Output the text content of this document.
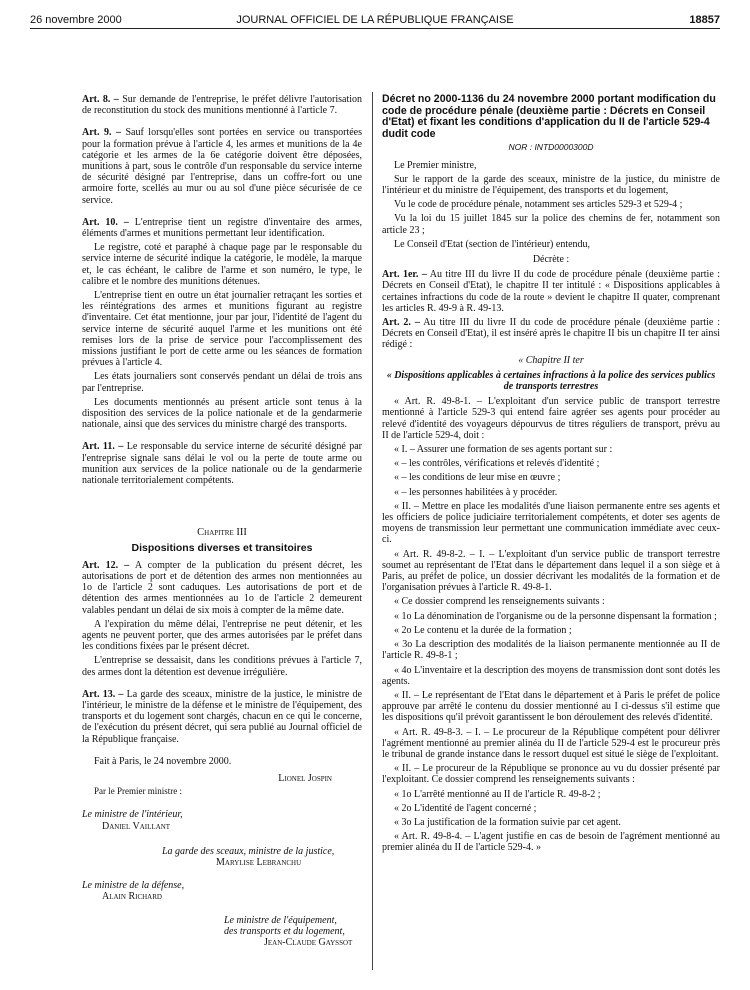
26 novembre 2000	JOURNAL OFFICIEL DE LA RÉPUBLIQUE FRANÇAISE	18857

Art. 8. – Sur demande de l'entreprise, le préfet délivre l'autorisation de reconstitution du stock des munitions mentionné à l'article 7.

Art. 9. – Sauf lorsqu'elles sont portées en service ou transportées pour la formation prévue à l'article 4, les armes et munitions de la 4e catégorie et les armes de la 6e catégorie doivent être déposées, munitions à part, sous le contrôle d'un responsable du service interne de sécurité désigné par l'entreprise, dans un coffre-fort ou une armoire forte, scellés au mur ou au sol d'une pièce sécurisée de ce service.

Art. 10. – L'entreprise tient un registre d'inventaire des armes, éléments d'armes et munitions permettant leur identification.

Le registre, coté et paraphé à chaque page par le responsable du service interne de sécurité indique la catégorie, le modèle, la marque et, le cas échéant, le calibre de l'arme et son numéro, le type, le calibre et le nombre des munitions détenues.

L'entreprise tient en outre un état journalier retraçant les sorties et les réintégrations des armes et munitions figurant au registre d'inventaire. Cet état mentionne, jour par jour, l'identité de l'agent du service interne de sécurité auquel l'arme et les munitions ont été remises lors de la prise de service pour l'accomplissement des missions justifiant le port de cette arme ou les séances de formation prévues à l'article 4.

Les états journaliers sont conservés pendant un délai de trois ans par l'entreprise.

Les documents mentionnés au présent article sont tenus à la disposition des services de la police nationale et de la gendarmerie nationale, ainsi que des services du ministre chargé des transports.

Art. 11. – Le responsable du service interne de sécurité désigné par l'entreprise signale sans délai le vol ou la perte de toute arme ou munition aux services de la police nationale ou de la gendarmerie nationale territorialement compétents.

Chapitre III
Dispositions diverses et transitoires

Art. 12. – A compter de la publication du présent décret, les autorisations de port et de détention des armes non mentionnées au 1o de l'article 2 sont caduques. Les autorisations de port et de détention des armes mentionnées au 1o de l'article 2 demeurent valables pendant un délai de six mois à compter de la même date.

A l'expiration du même délai, l'entreprise ne peut détenir, et les agents ne peuvent porter, que des armes autorisées par le préfet dans les conditions fixées par le présent décret.

L'entreprise se dessaisit, dans les conditions prévues à l'article 7, des armes dont la détention est devenue irrégulière.

Art. 13. – La garde des sceaux, ministre de la justice, le ministre de l'intérieur, le ministre de la défense et le ministre de l'équipement, des transports et du logement sont chargés, chacun en ce qui le concerne, de l'exécution du présent décret, qui sera publié au Journal officiel de la République française.

Fait à Paris, le 24 novembre 2000.

Lionel Jospin

Par le Premier ministre :

Le ministre de l'intérieur,
Daniel Vaillant
La garde des sceaux, ministre de la justice,
Marylise Lebranchu
Le ministre de la défense,
Alain Richard
Le ministre de l'équipement,
des transports et du logement,
Jean-Claude Gayssot
Décret no 2000-1136 du 24 novembre 2000 portant modification du code de procédure pénale (deuxième partie : Décrets en Conseil d'Etat) et fixant les conditions d'application du II de l'article 529-4 dudit code
NOR : INTD0000300D

Le Premier ministre,

Sur le rapport de la garde des sceaux, ministre de la justice, du ministre de l'intérieur et du ministre de l'équipement, des transports et du logement,

Vu le code de procédure pénale, notamment ses articles 529-3 et 529-4 ;

Vu la loi du 15 juillet 1845 sur la police des chemins de fer, notamment son article 23 ;

Le Conseil d'Etat (section de l'intérieur) entendu,

Décrète :

Art. 1er. – Au titre III du livre II du code de procédure pénale (deuxième partie : Décrets en Conseil d'Etat), le chapitre II ter intitulé : « Dispositions applicables à certaines infractions du code de la route » devient le chapitre II quater, comprenant les articles R. 49-9 à R. 49-13.

Art. 2. – Au titre III du livre II du code de procédure pénale (deuxième partie : Décrets en Conseil d'Etat), il est inséré après le chapitre II bis un chapitre II ter ainsi rédigé :

« Chapitre II ter
« Dispositions applicables à certaines infractions à la police des services publics de transports terrestres

« Art. R. 49-8-1. – L'exploitant d'un service public de transport terrestre mentionné à l'article 529-3 qui entend faire agréer ses agents pour procéder au relevé d'identité des voyageurs dépourvus de titres réguliers de transport, prévu au II de l'article 529-4, doit :

« I. – Assurer une formation de ses agents portant sur :

« – les contrôles, vérifications et relevés d'identité ;

« – les conditions de leur mise en œuvre ;

« – les personnes habilitées à y procéder.

« II. – Mettre en place les modalités d'une liaison permanente entre ses agents et les officiers de police judiciaire territorialement compétents, et doter ses agents de moyens de transmission leur permettant une communication immédiate avec ceux-ci.

« Art. R. 49-8-2. – I. – L'exploitant d'un service public de transport terrestre soumet au représentant de l'Etat dans le département dans lequel il a son siège et à Paris, au préfet de police, un dossier décrivant les modalités de la formation et de l'organisation prévues à l'article R. 49-8-1.

« Ce dossier comprend les renseignements suivants :

« 1o La dénomination de l'organisme ou de la personne dispensant la formation ;

« 2o Le contenu et la durée de la formation ;

« 3o La description des modalités de la liaison permanente mentionnée au II de l'article R. 49-8-1 ;

« 4o L'inventaire et la description des moyens de transmission dont sont dotés les agents.

« II. – Le représentant de l'Etat dans le département et à Paris le préfet de police approuve par arrêté le contenu du dossier mentionné au I ci-dessus s'il estime que les dispositions qu'il prévoit garantissent le bon déroulement des relevés d'identité.

« Art. R. 49-8-3. – I. – Le procureur de la République compétent pour délivrer l'agrément mentionné au premier alinéa du II de l'article 529-4 est le procureur près le tribunal de grande instance dans le ressort duquel est situé le siège de l'exploitant.

« II. – Le procureur de la République se prononce au vu du dossier présenté par l'exploitant. Ce dossier comprend les renseignements suivants :

« 1o L'arrêté mentionné au II de l'article R. 49-8-2 ;

« 2o L'identité de l'agent concerné ;

« 3o La justification de la formation suivie par cet agent.

« Art. R. 49-8-4. – L'agent justifie en cas de besoin de l'agrément mentionné au premier alinéa du II de l'article 529-4. »
